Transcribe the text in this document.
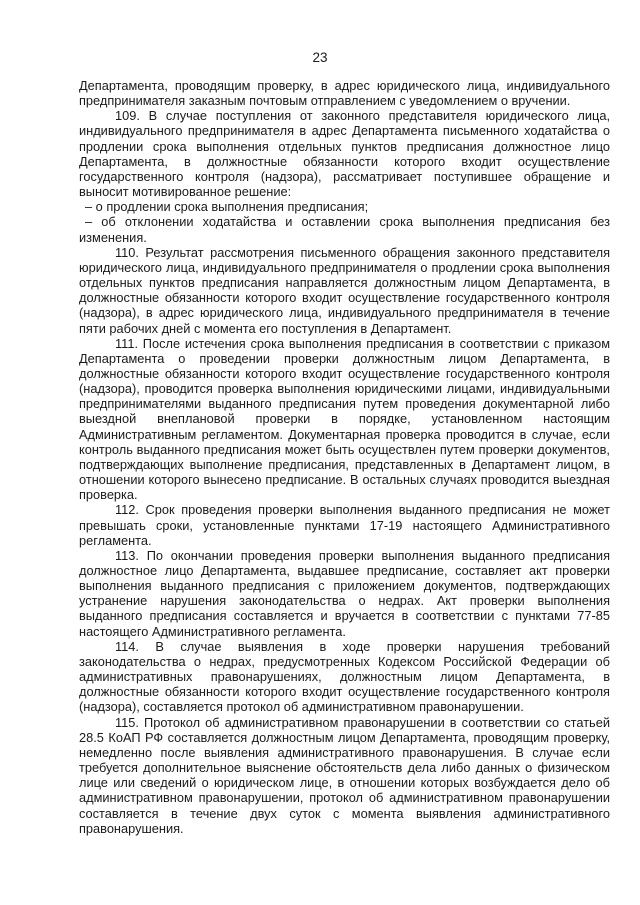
23

Департамента, проводящим проверку, в адрес юридического лица, индивидуального предпринимателя заказным почтовым отправлением с уведомлением о вручении.

109. В случае поступления от законного представителя юридического лица, индивидуального предпринимателя в адрес Департамента письменного ходатайства о продлении срока выполнения отдельных пунктов предписания должностное лицо Департамента, в должностные обязанности которого входит осуществление государственного контроля (надзора), рассматривает поступившее обращение и выносит мотивированное решение:

– о продлении срока выполнения предписания;

– об отклонении ходатайства и оставлении срока выполнения предписания без изменения.

110. Результат рассмотрения письменного обращения законного представителя юридического лица, индивидуального предпринимателя о продлении срока выполнения отдельных пунктов предписания направляется должностным лицом Департамента, в должностные обязанности которого входит осуществление государственного контроля (надзора), в адрес юридического лица, индивидуального предпринимателя в течение пяти рабочих дней с момента его поступления в Департамент.

111. После истечения срока выполнения предписания в соответствии с приказом Департамента о проведении проверки должностным лицом Департамента, в должностные обязанности которого входит осуществление государственного контроля (надзора), проводится проверка выполнения юридическими лицами, индивидуальными предпринимателями выданного предписания путем проведения документарной либо выездной внеплановой проверки в порядке, установленном настоящим Административным регламентом. Документарная проверка проводится в случае, если контроль выданного предписания может быть осуществлен путем проверки документов, подтверждающих выполнение предписания, представленных в Департамент лицом, в отношении которого вынесено предписание. В остальных случаях проводится выездная проверка.

112. Срок проведения проверки выполнения выданного предписания не может превышать сроки, установленные пунктами 17-19 настоящего Административного регламента.

113. По окончании проведения проверки выполнения выданного предписания должностное лицо Департамента, выдавшее предписание, составляет акт проверки выполнения выданного предписания с приложением документов, подтверждающих устранение нарушения законодательства о недрах. Акт проверки выполнения выданного предписания составляется и вручается в соответствии с пунктами 77-85 настоящего Административного регламента.

114. В случае выявления в ходе проверки нарушения требований законодательства о недрах, предусмотренных Кодексом Российской Федерации об административных правонарушениях, должностным лицом Департамента, в должностные обязанности которого входит осуществление государственного контроля (надзора), составляется протокол об административном правонарушении.

115. Протокол об административном правонарушении в соответствии со статьей 28.5 КоАП РФ составляется должностным лицом Департамента, проводящим проверку, немедленно после выявления административного правонарушения. В случае если требуется дополнительное выяснение обстоятельств дела либо данных о физическом лице или сведений о юридическом лице, в отношении которых возбуждается дело об административном правонарушении, протокол об административном правонарушении составляется в течение двух суток с момента выявления административного правонарушения.
